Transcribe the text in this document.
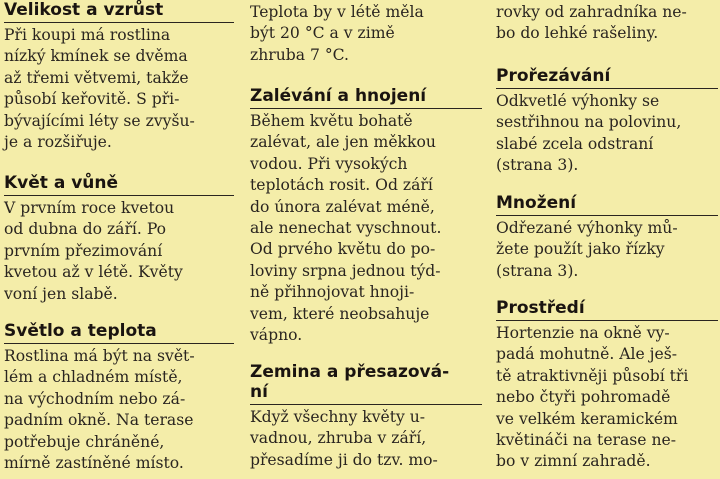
Velikost a vzrůst

Při koupi má rostlina
nízký kmínek se dvěma
až třemi větvemi, takže
působí keřovitě. S při-
bývajícími léty se zvyšu-
je a rozšiřuje.

Květ a vůně

V prvním roce kvetou
od dubna do září. Po
prvním přezimování
kvetou až v létě. Květy
voní jen slabě.

Světlo a teplota

Rostlina má být na svět-
lém a chladném místě,
na východním nebo zá-
padním okně. Na terase
potřebuje chráněné,
mírně zastíněné místo.

Teplota by v létě měla
být 20 °C a v zimě
zhruba 7 °C.

Zalévání a hnojení

Během květu bohatě
zalévat, ale jen měkkou
vodou. Při vysokých
teplotách rosit. Od září
do února zalévat méně,
ale nenechat vyschnout.
Od prvého květu do po-
loviny srpna jednou týd-
ně přihnojovat hnoji-
vem, které neobsahuje
vápno.

Zemina a přesazová-
ní

Když všechny květy u-
vadnou, zhruba v září,
přesadíme ji do tzv. mo-

rovky od zahradníka ne-
bo do lehké rašeliny.

Prořezávání

Odkvetlé výhonky se
sestřihnou na polovinu,
slabé zcela odstraní
(strana 3).

Množení

Odřezané výhonky mů-
žete použít jako řízky
(strana 3).

Prostředí

Hortenzie na okně vy-
padá mohutně. Ale ješ-
tě atraktivněji působí tři
nebo čtyři pohromadě
ve velkém keramickém
květináči na terase ne-
bo v zimní zahradě.
